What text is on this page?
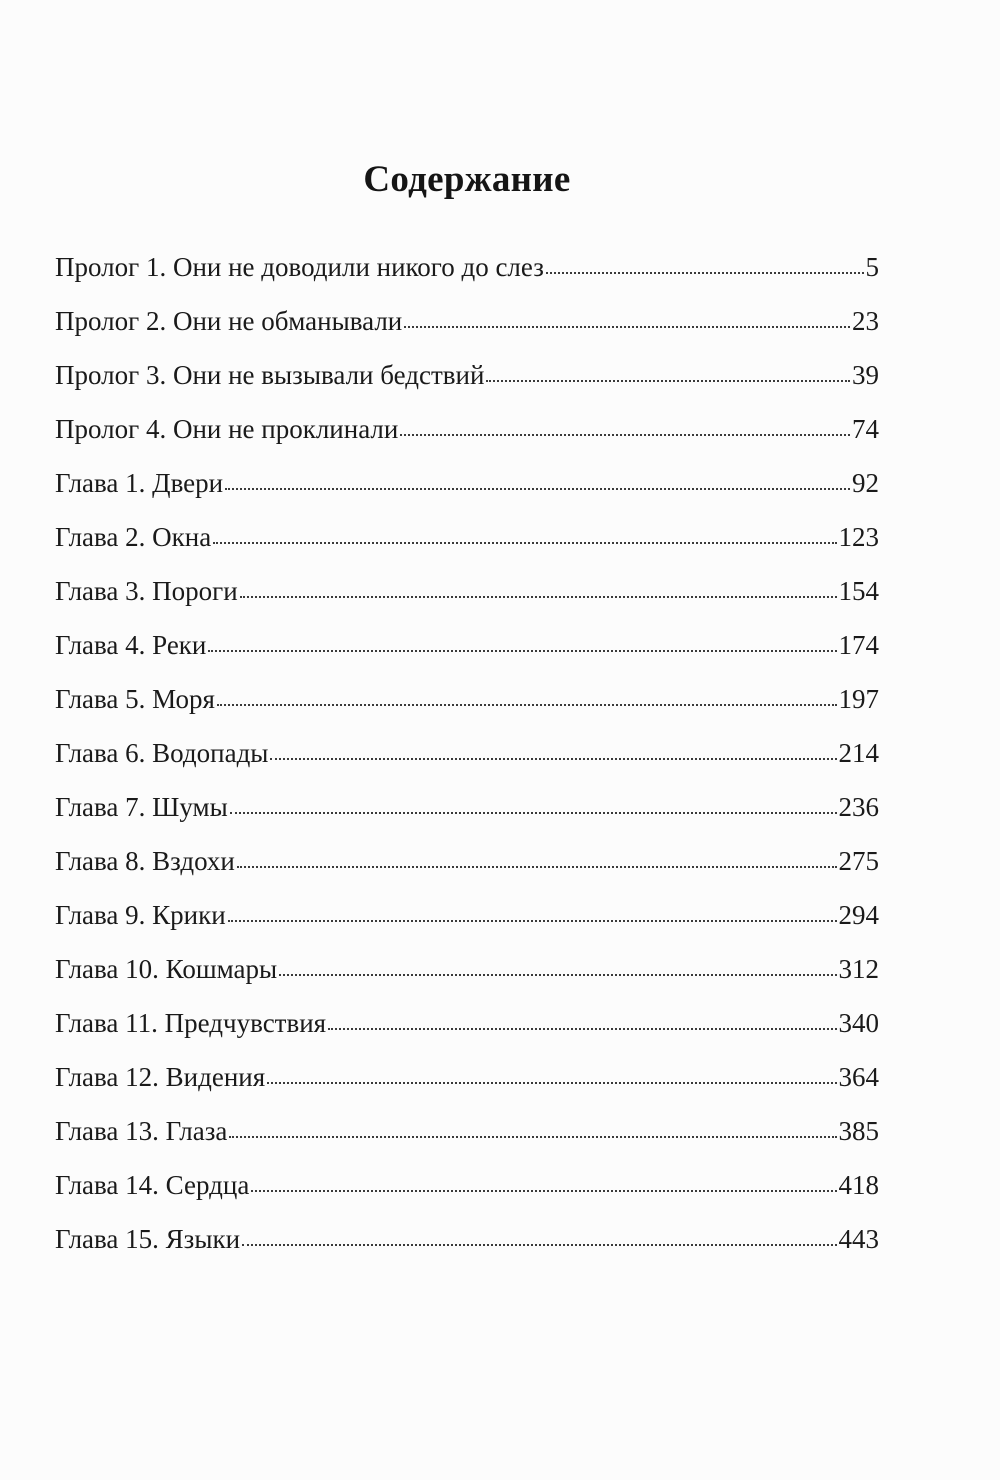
Содержание
Пролог 1. Они не доводили никого до слез	5
Пролог 2. Они не обманывали	23
Пролог 3. Они не вызывали бедствий	39
Пролог 4. Они не проклинали	74
Глава 1. Двери	92
Глава 2. Окна	123
Глава 3. Пороги	154
Глава 4. Реки	174
Глава 5. Моря	197
Глава 6. Водопады	214
Глава 7. Шумы	236
Глава 8. Вздохи	275
Глава 9. Крики	294
Глава 10. Кошмары	312
Глава 11. Предчувствия	340
Глава 12. Видения	364
Глава 13. Глаза	385
Глава 14. Сердца	418
Глава 15. Языки	443
